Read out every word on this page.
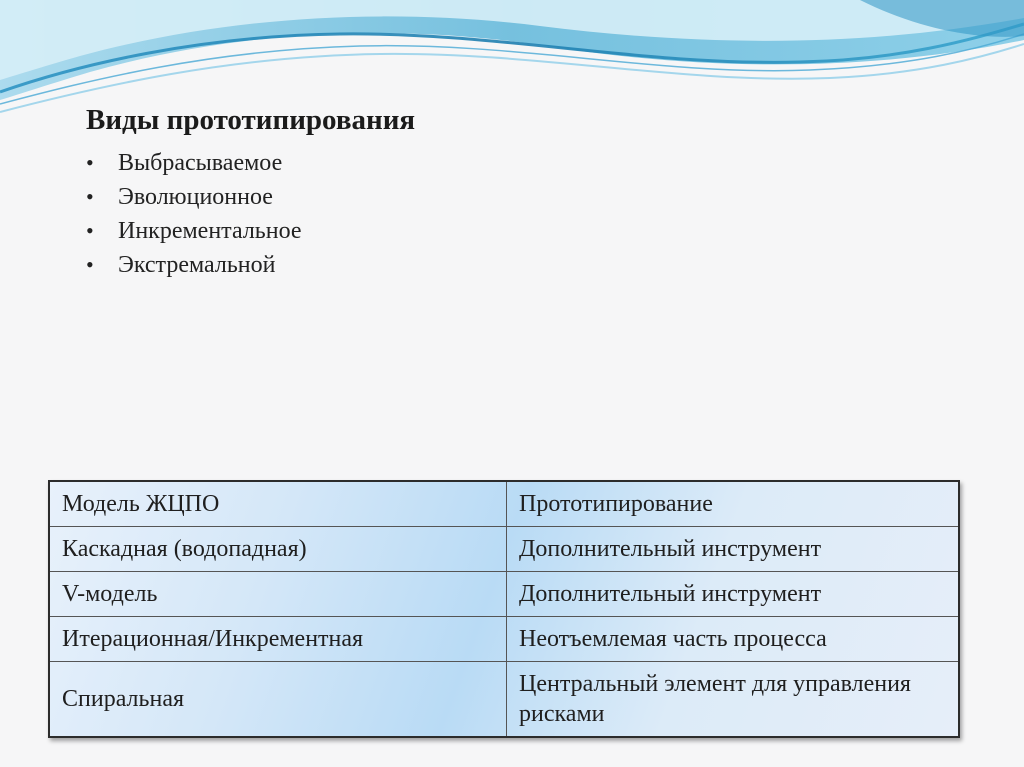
Виды прототипирования
•	Выбрасываемое
•	Эволюционное
•	Инкрементальное
•	Экстремальной
Модель ЖЦПО	Прототипирование
Каскадная (водопадная)	Дополнительный инструмент
V-модель	Дополнительный инструмент
Итерационная/Инкрементная	Неотъемлемая часть процесса
Спиральная	Центральный элемент для управления рисками
